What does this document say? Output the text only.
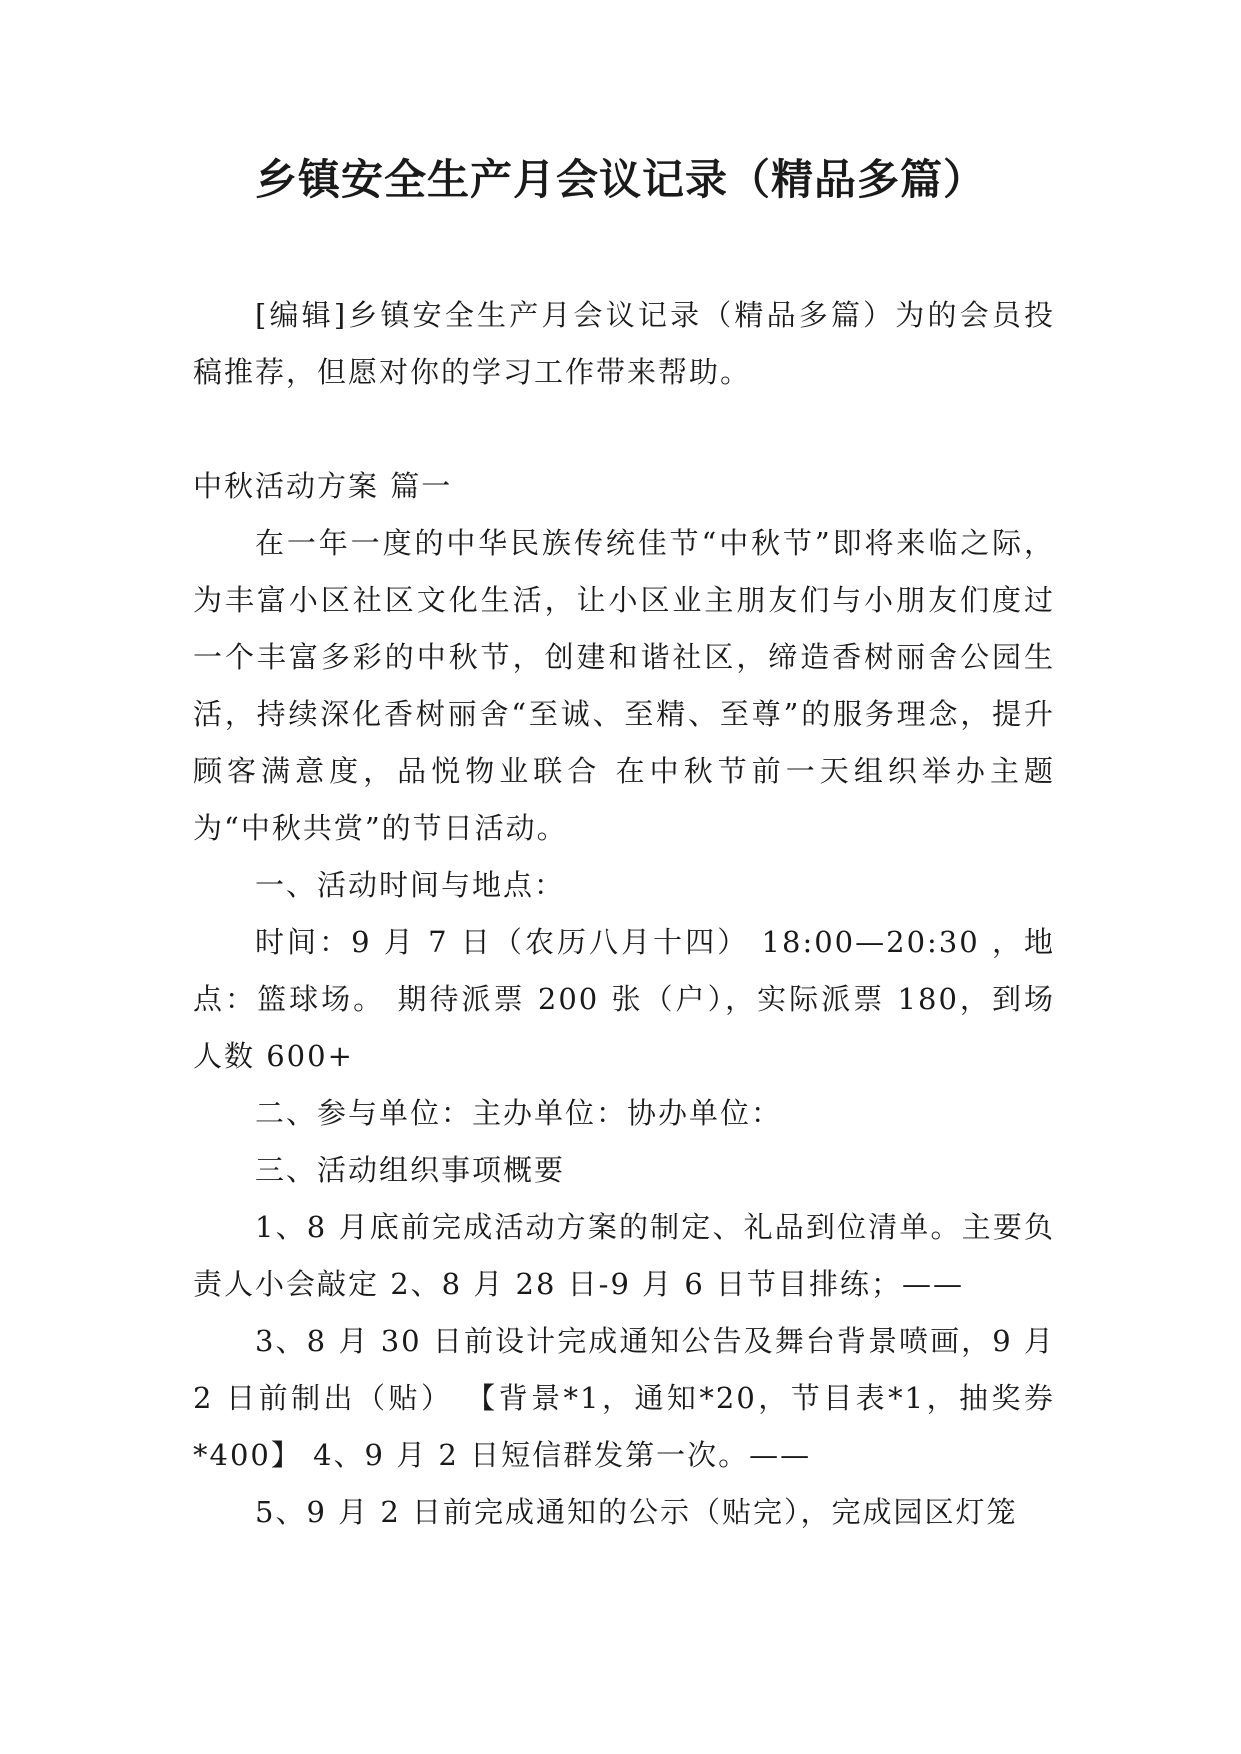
乡镇安全生产月会议记录（精品多篇）

[编辑]乡镇安全生产月会议记录（精品多篇）为的会员投稿推荐，但愿对你的学习工作带来帮助。

中秋活动方案 篇一

在一年一度的中华民族传统佳节“中秋节”即将来临之际，为丰富小区社区文化生活，让小区业主朋友们与小朋友们度过一个丰富多彩的中秋节，创建和谐社区，缔造香树丽舍公园生活，持续深化香树丽舍“至诚、至精、至尊”的服务理念，提升顾客满意度，品悦物业联合 在中秋节前一天组织举办主题为“中秋共赏”的节日活动。

一、活动时间与地点：

时间：9 月 7 日（农历八月十四） 18:00—20:30 ，地点：篮球场。 期待派票 200 张（户），实际派票 180，到场人数 600+

二、参与单位：主办单位：协办单位：

三、活动组织事项概要

1、8 月底前完成活动方案的制定、礼品到位清单。主要负责人小会敲定 2、8 月 28 日-9 月 6 日节目排练；——

3、8 月 30 日前设计完成通知公告及舞台背景喷画，9 月 2 日前制出（贴） 【背景*1，通知*20，节目表*1，抽奖券*400】 4、9 月 2 日短信群发第一次。——

5、9 月 2 日前完成通知的公示（贴完），完成园区灯笼
